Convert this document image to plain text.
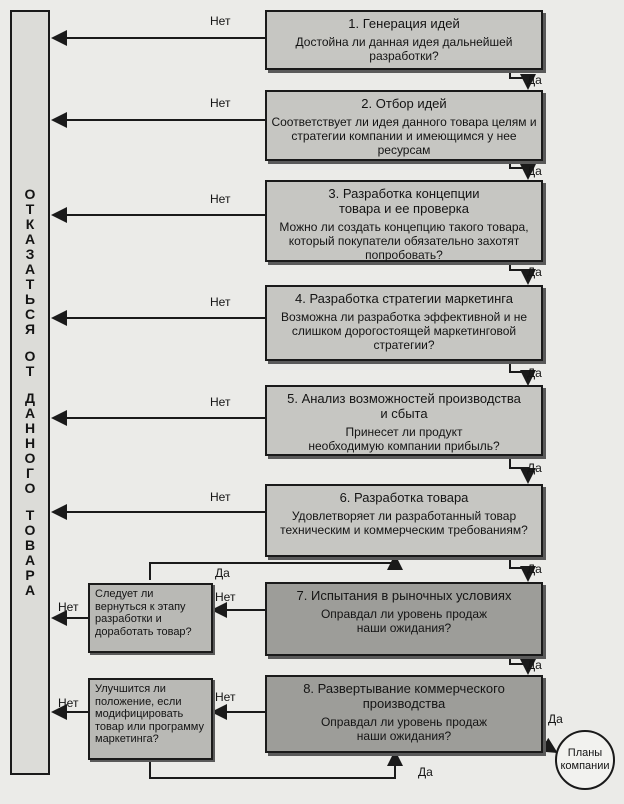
О
Т
К
А
З
А
Т
Ь
С
Я
О
Т
Д
А
Н
Н
О
Г
О
Т
О
В
А
Р
А
1. Генерация идей
Достойна ли данная идея дальнейшей разработки?
2. Отбор идей
Соответствует ли идея данного товара целям и стратегии компании и имеющимся у нее ресурсам
3. Разработка концепции товара и ее проверка
Можно ли создать концепцию такого товара, который покупатели обязательно захотят попробовать?
4. Разработка стратегии маркетинга
Возможна ли разработка эффективной и не слишком дорогостоящей маркетинговой стратегии?
5. Анализ возможностей производства и сбыта
Принесет ли продукт необходимую компании прибыль?
6. Разработка товара
Удовлетворяет ли разработанный товар техническим и коммерческим требованиям?
7. Испытания в рыночных условиях
Оправдал ли уровень продаж наши ожидания?
8. Развертывание коммерческого производства
Оправдал ли уровень продаж наши ожидания?
Следует ли вернуться к этапу разработки и доработать товар?
Улучшится ли положение, если модифицировать товар или программу маркетинга?
Нет
Нет
Нет
Нет
Нет
Нет
Нет
Нет
Нет
Нет
Да
Да
Да
Да
Да
Да
Да
Да
Да
Да
Планы компании
